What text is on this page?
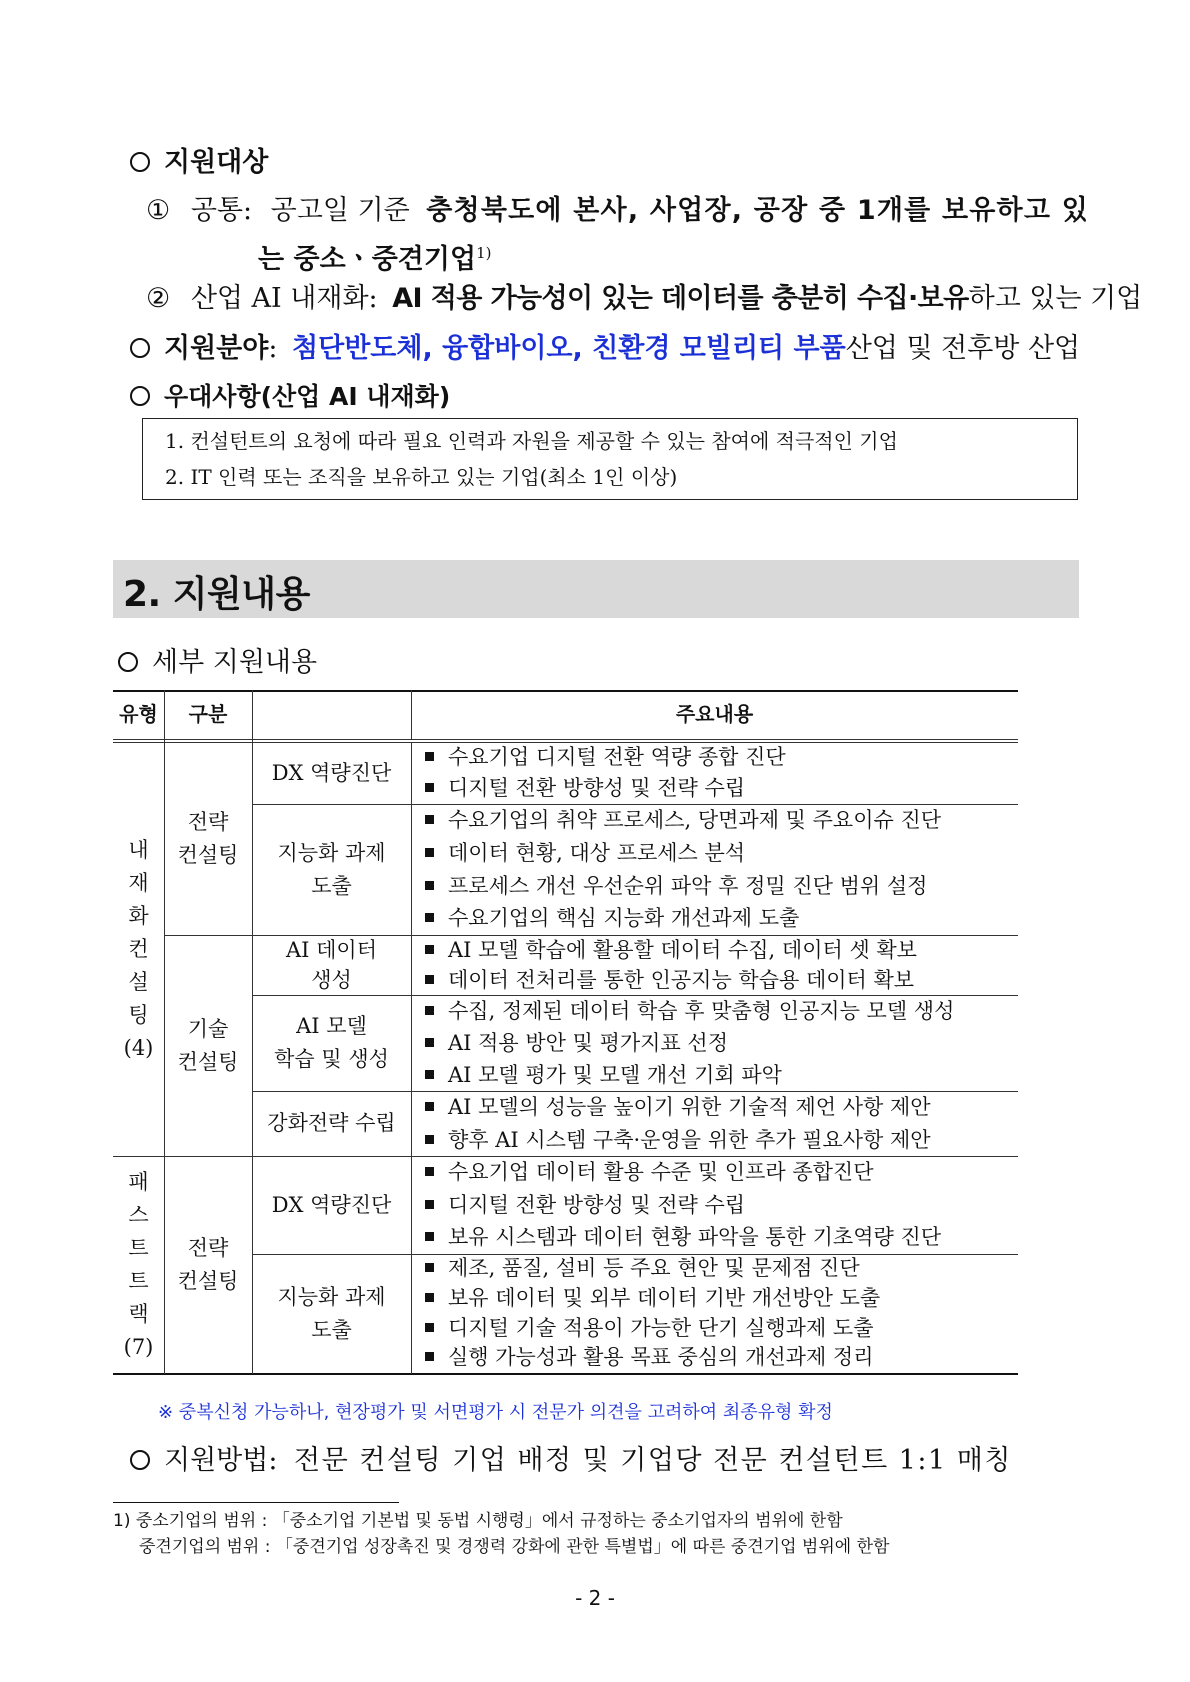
지원대상
① 공통: 공고일 기준 충청북도에 본사, 사업장, 공장 중 1개를 보유하고 있
는 중소ㆍ중견기업$^{1)}$
② 산업 AI 내재화: AI 적용 가능성이 있는 데이터를 충분히 수집·보유하고 있는 기업
지원분야: 첨단반도체, 융합바이오, 친환경 모빌리티 부품산업 및 전후방 산업
우대사항(산업 AI 내재화)
1. 컨설턴트의 요청에 따라 필요 인력과 자원을 제공할 수 있는 참여에 적극적인 기업
2. IT 인력 또는 조직을 보유하고 있는 기업(최소 1인 이상)
2. 지원내용
세부 지원내용
유형	구분	주요내용
내
재
화
컨
설
팅
(4)
패
스
트
트
랙
(7)
전략
컨설팅
기술
컨설팅
전략
컨설팅
DX 역량진단
지능화 과제
도출
AI 데이터
생성
AI 모델
학습 및 생성
강화전략 수립
DX 역량진단
지능화 과제
도출
수요기업 디지털 전환 역량 종합 진단
디지털 전환 방향성 및 전략 수립
수요기업의 취약 프로세스, 당면과제 및 주요이슈 진단
데이터 현황, 대상 프로세스 분석
프로세스 개선 우선순위 파악 후 정밀 진단 범위 설정
수요기업의 핵심 지능화 개선과제 도출
AI 모델 학습에 활용할 데이터 수집, 데이터 셋 확보
데이터 전처리를 통한 인공지능 학습용 데이터 확보
수집, 정제된 데이터 학습 후 맞춤형 인공지능 모델 생성
AI 적용 방안 및 평가지표 선정
AI 모델 평가 및 모델 개선 기회 파악
AI 모델의 성능을 높이기 위한 기술적 제언 사항 제안
향후 AI 시스템 구축·운영을 위한 추가 필요사항 제안
수요기업 데이터 활용 수준 및 인프라 종합진단
디지털 전환 방향성 및 전략 수립
보유 시스템과 데이터 현황 파악을 통한 기초역량 진단
제조, 품질, 설비 등 주요 현안 및 문제점 진단
보유 데이터 및 외부 데이터 기반 개선방안 도출
디지털 기술 적용이 가능한 단기 실행과제 도출
실행 가능성과 활용 목표 중심의 개선과제 정리
※ 중복신청 가능하나, 현장평가 및 서면평가 시 전문가 의견을 고려하여 최종유형 확정
지원방법: 전문 컨설팅 기업 배정 및 기업당 전문 컨설턴트 1:1 매칭
1) 중소기업의 범위 : 「중소기업 기본법 및 동법 시행령」에서 규정하는 중소기업자의 범위에 한함
중견기업의 범위 : 「중견기업 성장촉진 및 경쟁력 강화에 관한 특별법」에 따른 중견기업 범위에 한함
- 2 -
